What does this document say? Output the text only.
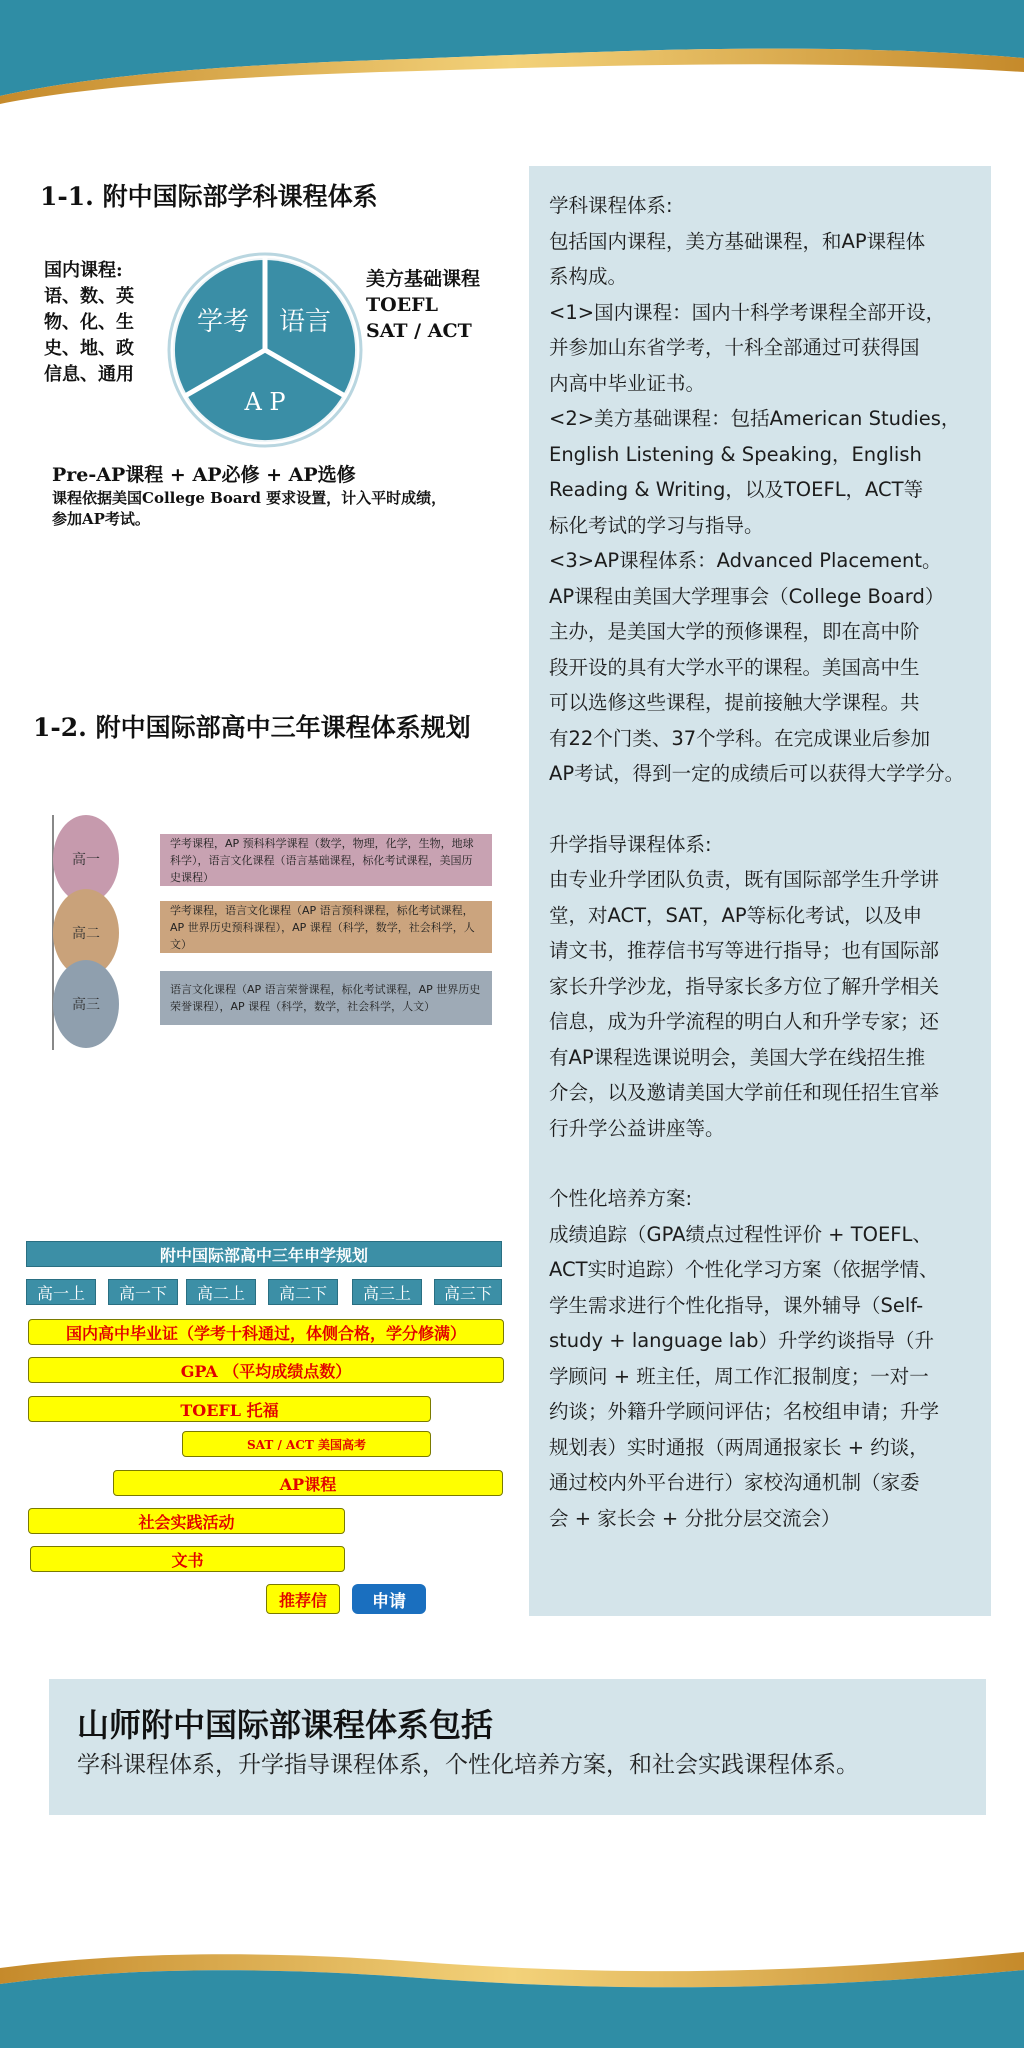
1-1. 附中国际部学科课程体系
学考 语言
A P
国内课程:
语、数、英
物、化、生
史、地、政
信息、通用
美方基础课程
TOEFL
SAT / ACT
Pre-AP课程 + AP必修 + AP选修
课程依据美国College Board 要求设置，计入平时成绩，
参加AP考试。
1-2. 附中国际部高中三年课程体系规划
高一
高二
高三
学考课程，AP 预科科学课程（数学，物理，化学，生物，地球科学），语言文化课程（语言基础课程，标化考试课程，美国历史课程）
学考课程，语言文化课程（AP 语言预科课程，标化考试课程，AP 世界历史预科课程），AP 课程（科学，数学，社会科学，人文）
语言文化课程（AP 语言荣誉课程，标化考试课程，AP 世界历史荣誉课程），AP 课程（科学，数学，社会科学，人文）
附中国际部高中三年申学规划
高一上	高一下	高二上	高二下	高三上	高三下
国内高中毕业证（学考十科通过，体侧合格，学分修满）
GPA （平均成绩点数）
TOEFL 托福
SAT / ACT 美国高考
AP课程
社会实践活动
文书
推荐信	申请
学科课程体系:
包括国内课程，美方基础课程，和AP课程体
系构成。
<1>国内课程：国内十科学考课程全部开设，
并参加山东省学考，十科全部通过可获得国
内高中毕业证书。
<2>美方基础课程：包括American Studies，
English Listening & Speaking，English
Reading & Writing，以及TOEFL，ACT等
标化考试的学习与指导。
<3>AP课程体系：Advanced Placement。
AP课程由美国大学理事会（College Board）
主办，是美国大学的预修课程，即在高中阶
段开设的具有大学水平的课程。美国高中生
可以选修这些课程，提前接触大学课程。共
有22个门类、37个学科。在完成课业后参加
AP考试，得到一定的成绩后可以获得大学学分。
升学指导课程体系:
由专业升学团队负责，既有国际部学生升学讲
堂，对ACT，SAT，AP等标化考试，以及申
请文书，推荐信书写等进行指导；也有国际部
家长升学沙龙，指导家长多方位了解升学相关
信息，成为升学流程的明白人和升学专家；还
有AP课程选课说明会，美国大学在线招生推
介会，以及邀请美国大学前任和现任招生官举
行升学公益讲座等。
个性化培养方案:
成绩追踪（GPA绩点过程性评价 + TOEFL、
ACT实时追踪）个性化学习方案（依据学情、
学生需求进行个性化指导，课外辅导（Self-
study + language lab）升学约谈指导（升
学顾问 + 班主任，周工作汇报制度；一对一
约谈；外籍升学顾问评估；名校组申请；升学
规划表）实时通报（两周通报家长 + 约谈，
通过校内外平台进行）家校沟通机制（家委
会 + 家长会 + 分批分层交流会）
山师附中国际部课程体系包括
学科课程体系，升学指导课程体系，个性化培养方案，和社会实践课程体系。
